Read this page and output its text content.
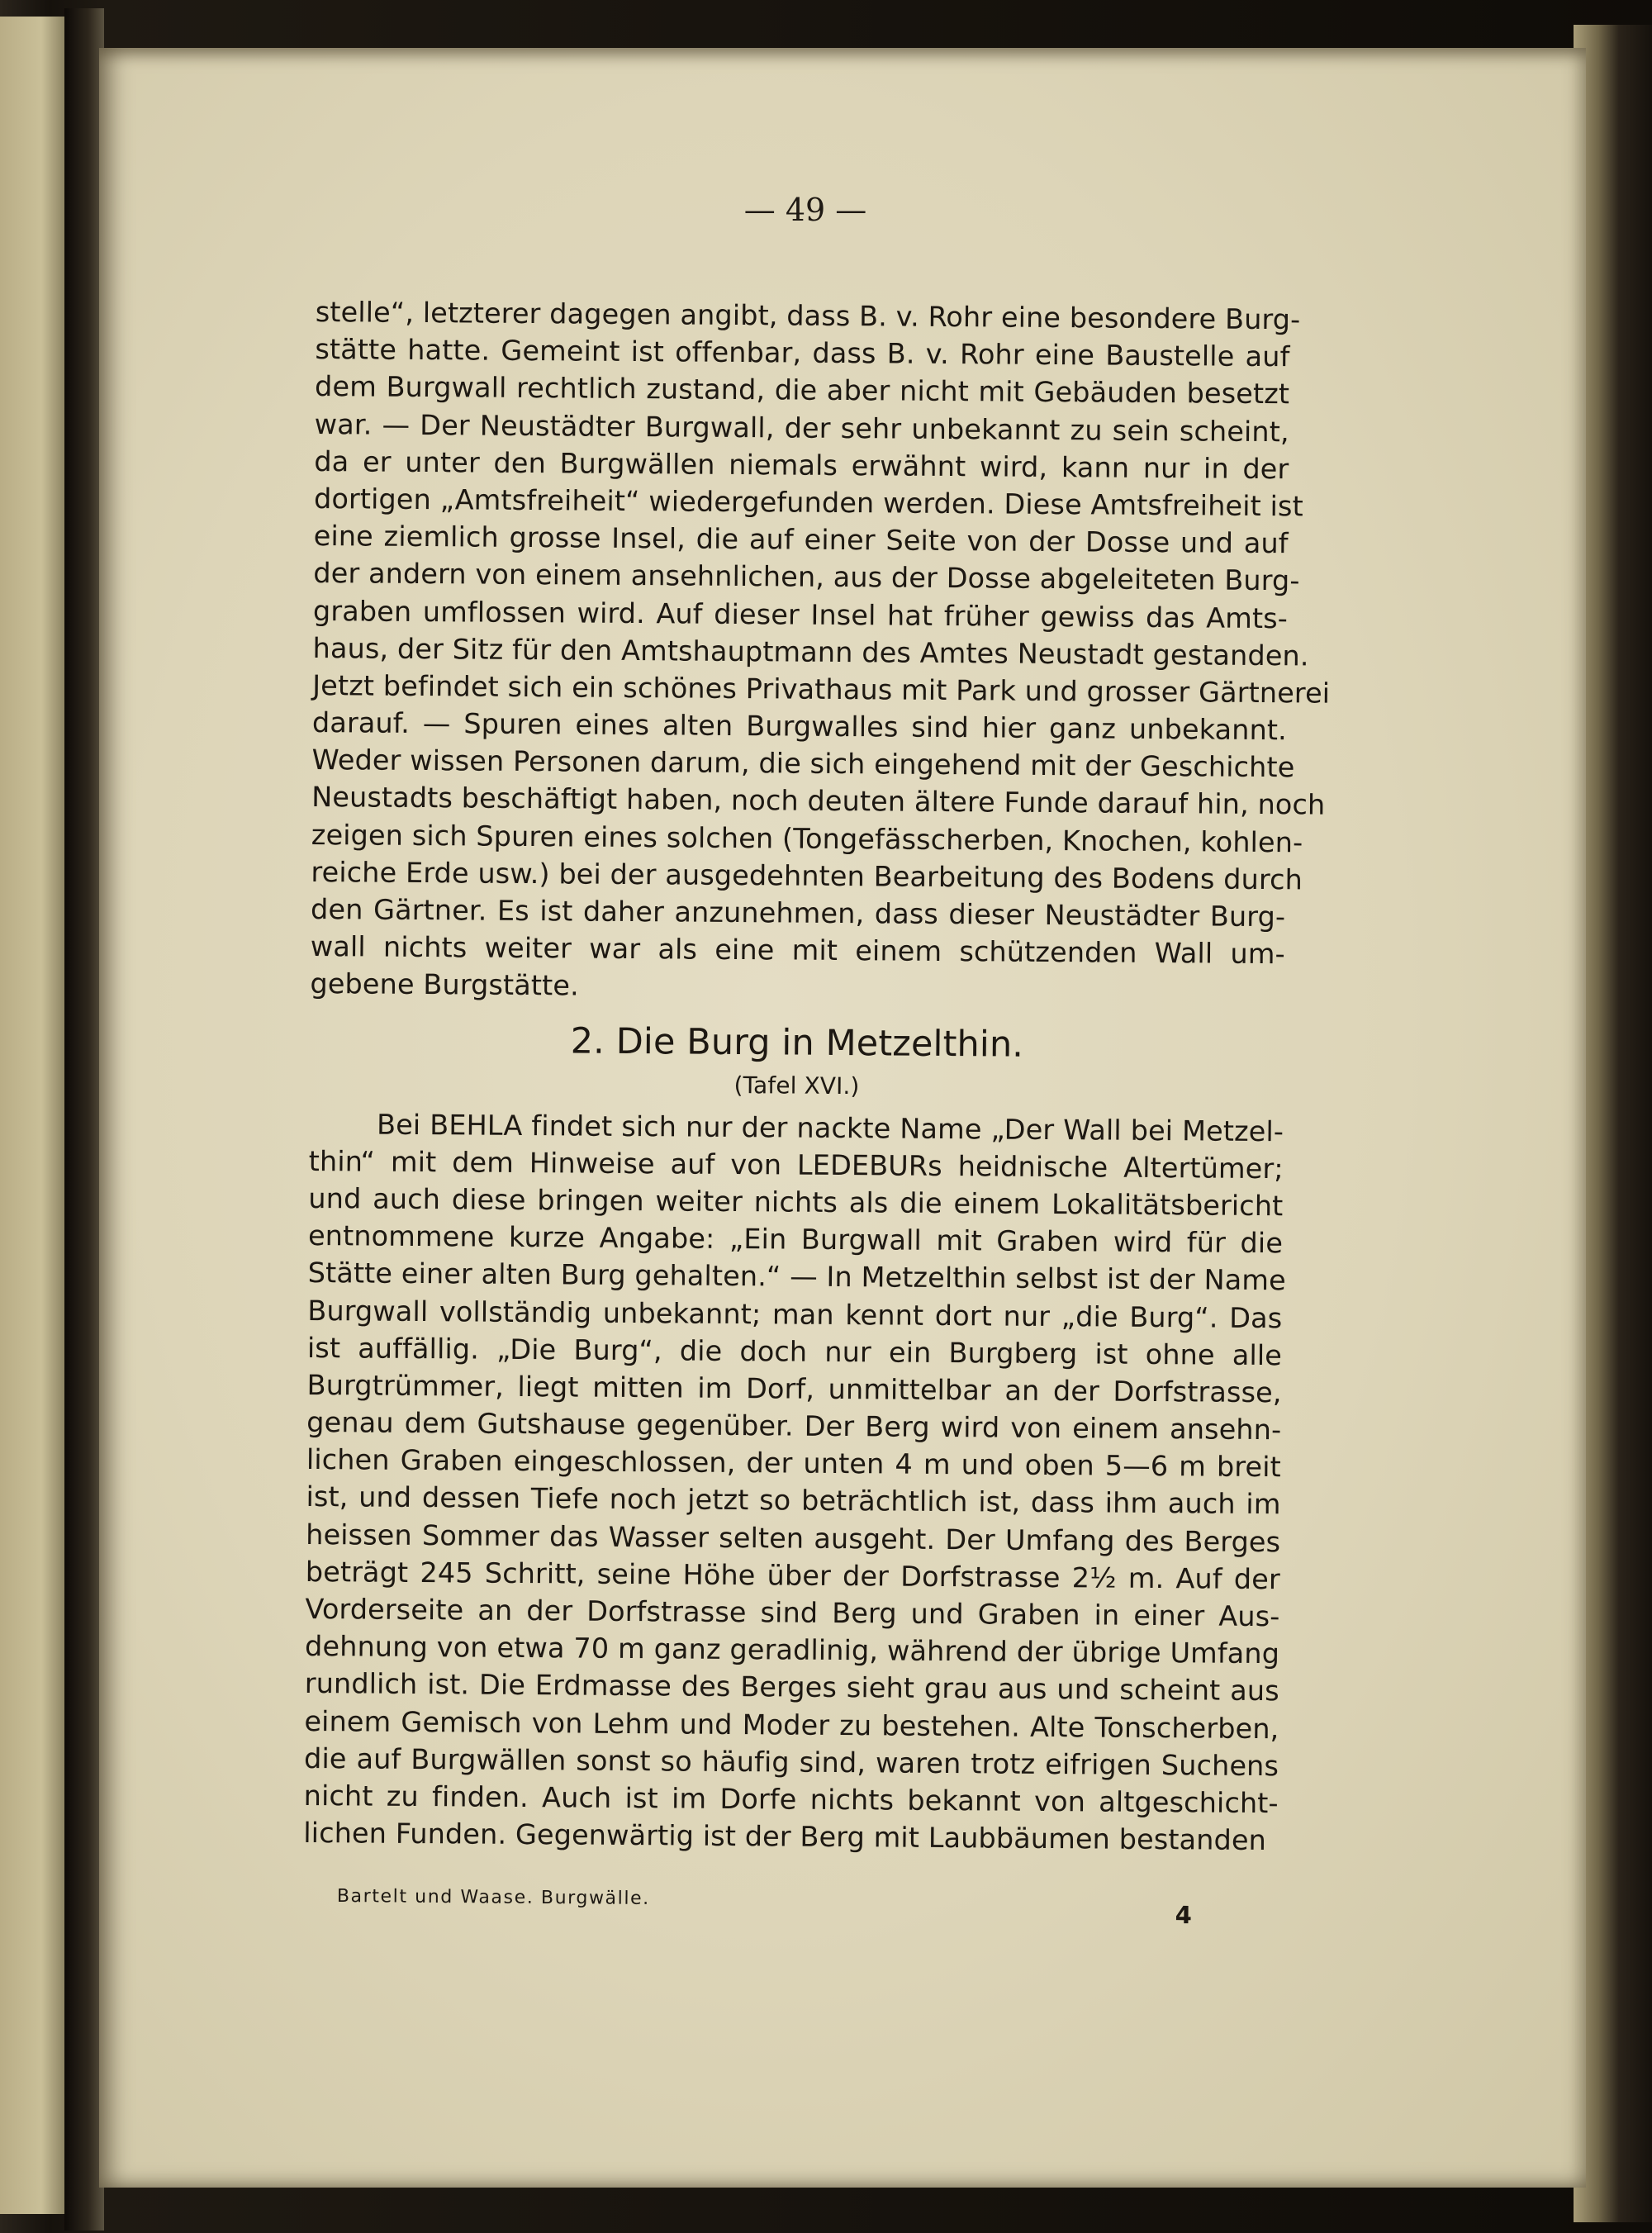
— 49 —
stelle“, letzterer dagegen angibt, dass B. v. Rohr eine besondere Burg-
stätte hatte. Gemeint ist offenbar, dass B. v. Rohr eine Baustelle auf
dem Burgwall rechtlich zustand, die aber nicht mit Gebäuden besetzt
war. — Der Neustädter Burgwall, der sehr unbekannt zu sein scheint,
da er unter den Burgwällen niemals erwähnt wird, kann nur in der
dortigen „Amtsfreiheit“ wiedergefunden werden. Diese Amtsfreiheit ist
eine ziemlich grosse Insel, die auf einer Seite von der Dosse und auf
der andern von einem ansehnlichen, aus der Dosse abgeleiteten Burg-
graben umflossen wird. Auf dieser Insel hat früher gewiss das Amts-
haus, der Sitz für den Amtshauptmann des Amtes Neustadt gestanden.
Jetzt befindet sich ein schönes Privathaus mit Park und grosser Gärtnerei
darauf. — Spuren eines alten Burgwalles sind hier ganz unbekannt.
Weder wissen Personen darum, die sich eingehend mit der Geschichte
Neustadts beschäftigt haben, noch deuten ältere Funde darauf hin, noch
zeigen sich Spuren eines solchen (Tongefässcherben, Knochen, kohlen-
reiche Erde usw.) bei der ausgedehnten Bearbeitung des Bodens durch
den Gärtner. Es ist daher anzunehmen, dass dieser Neustädter Burg-
wall nichts weiter war als eine mit einem schützenden Wall um-
gebene Burgstätte.
2. Die Burg in Metzelthin.
(Tafel XVI.)
Bei BEHLA findet sich nur der nackte Name „Der Wall bei Metzel-
thin“ mit dem Hinweise auf von LEDEBURs heidnische Altertümer;
und auch diese bringen weiter nichts als die einem Lokalitätsbericht
entnommene kurze Angabe: „Ein Burgwall mit Graben wird für die
Stätte einer alten Burg gehalten.“ — In Metzelthin selbst ist der Name
Burgwall vollständig unbekannt; man kennt dort nur „die Burg“. Das
ist auffällig. „Die Burg“, die doch nur ein Burgberg ist ohne alle
Burgtrümmer, liegt mitten im Dorf, unmittelbar an der Dorfstrasse,
genau dem Gutshause gegenüber. Der Berg wird von einem ansehn-
lichen Graben eingeschlossen, der unten 4 m und oben 5—6 m breit
ist, und dessen Tiefe noch jetzt so beträchtlich ist, dass ihm auch im
heissen Sommer das Wasser selten ausgeht. Der Umfang des Berges
beträgt 245 Schritt, seine Höhe über der Dorfstrasse 2½ m. Auf der
Vorderseite an der Dorfstrasse sind Berg und Graben in einer Aus-
dehnung von etwa 70 m ganz geradlinig, während der übrige Umfang
rundlich ist. Die Erdmasse des Berges sieht grau aus und scheint aus
einem Gemisch von Lehm und Moder zu bestehen. Alte Tonscherben,
die auf Burgwällen sonst so häufig sind, waren trotz eifrigen Suchens
nicht zu finden. Auch ist im Dorfe nichts bekannt von altgeschicht-
lichen Funden. Gegenwärtig ist der Berg mit Laubbäumen bestanden
Bartelt und Waase. Burgwälle.
4
